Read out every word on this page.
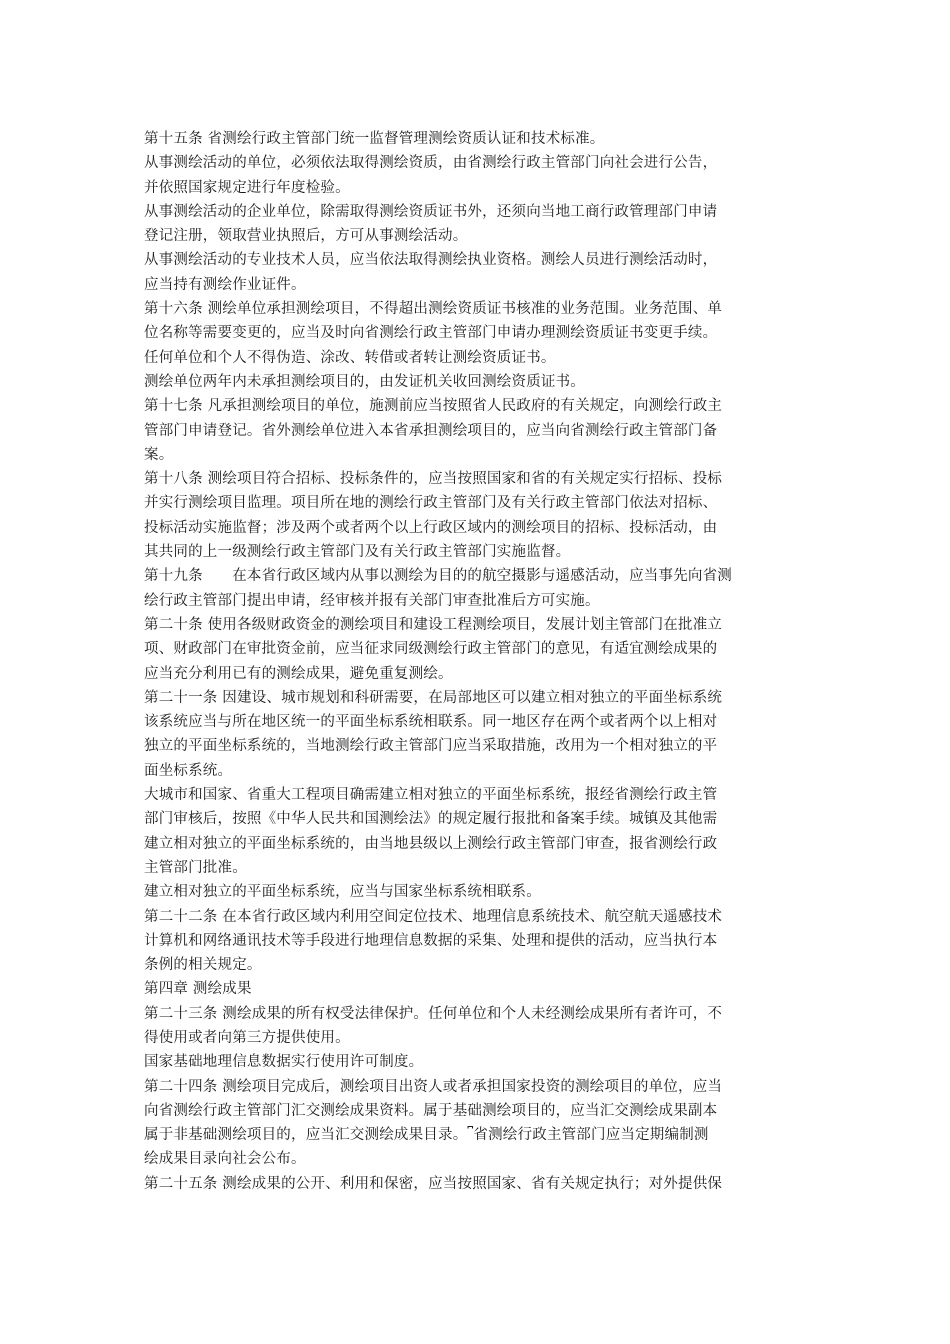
第十五条 省测绘行政主管部门统一监督管理测绘资质认证和技术标准。
从事测绘活动的单位，必须依法取得测绘资质，由省测绘行政主管部门向社会进行公告，
并依照国家规定进行年度检验。
从事测绘活动的企业单位，除需取得测绘资质证书外，还须向当地工商行政管理部门申请
登记注册，领取营业执照后，方可从事测绘活动。
从事测绘活动的专业技术人员，应当依法取得测绘执业资格。测绘人员进行测绘活动时，
应当持有测绘作业证件。
第十六条 测绘单位承担测绘项目，不得超出测绘资质证书核准的业务范围。业务范围、单
位名称等需要变更的，应当及时向省测绘行政主管部门申请办理测绘资质证书变更手续。
任何单位和个人不得伪造、涂改、转借或者转让测绘资质证书。
测绘单位两年内未承担测绘项目的，由发证机关收回测绘资质证书。
第十七条 凡承担测绘项目的单位，施测前应当按照省人民政府的有关规定，向测绘行政主
管部门申请登记。省外测绘单位进入本省承担测绘项目的，应当向省测绘行政主管部门备
案。
第十八条 测绘项目符合招标、投标条件的，应当按照国家和省的有关规定实行招标、投标
并实行测绘项目监理。项目所在地的测绘行政主管部门及有关行政主管部门依法对招标、
投标活动实施监督；涉及两个或者两个以上行政区域内的测绘项目的招标、投标活动，由
其共同的上一级测绘行政主管部门及有关行政主管部门实施监督。
第十九条　　在本省行政区域内从事以测绘为目的的航空摄影与遥感活动，应当事先向省测
绘行政主管部门提出申请，经审核并报有关部门审查批准后方可实施。
第二十条 使用各级财政资金的测绘项目和建设工程测绘项目，发展计划主管部门在批准立
项、财政部门在审批资金前，应当征求同级测绘行政主管部门的意见，有适宜测绘成果的
应当充分利用已有的测绘成果，避免重复测绘。
第二十一条 因建设、城市规划和科研需要，在局部地区可以建立相对独立的平面坐标系统
该系统应当与所在地区统一的平面坐标系统相联系。同一地区存在两个或者两个以上相对
独立的平面坐标系统的，当地测绘行政主管部门应当采取措施，改用为一个相对独立的平
面坐标系统。
大城市和国家、省重大工程项目确需建立相对独立的平面坐标系统，报经省测绘行政主管
部门审核后，按照《中华人民共和国测绘法》的规定履行报批和备案手续。城镇及其他需
建立相对独立的平面坐标系统的，由当地县级以上测绘行政主管部门审查，报省测绘行政
主管部门批准。
建立相对独立的平面坐标系统，应当与国家坐标系统相联系。
第二十二条 在本省行政区域内利用空间定位技术、地理信息系统技术、航空航天遥感技术
计算机和网络通讯技术等手段进行地理信息数据的采集、处理和提供的活动，应当执行本
条例的相关规定。
第四章 测绘成果
第二十三条 测绘成果的所有权受法律保护。任何单位和个人未经测绘成果所有者许可，不
得使用或者向第三方提供使用。
国家基础地理信息数据实行使用许可制度。
第二十四条 测绘项目完成后，测绘项目出资人或者承担国家投资的测绘项目的单位，应当
向省测绘行政主管部门汇交测绘成果资料。属于基础测绘项目的，应当汇交测绘成果副本
属于非基础测绘项目的，应当汇交测绘成果目录。⎴省测绘行政主管部门应当定期编制测
绘成果目录向社会公布。
第二十五条 测绘成果的公开、利用和保密，应当按照国家、省有关规定执行；对外提供保
